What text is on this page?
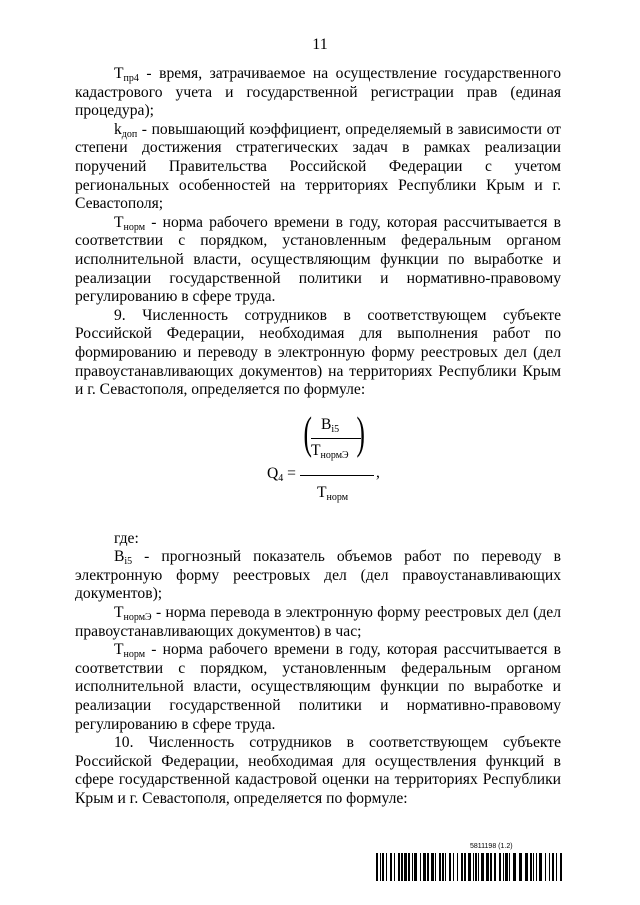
11

$T_{пр4}$ - время, затрачиваемое на осуществление государственного кадастрового учета и государственной регистрации прав (единая процедура);

$k_{доп}$ - повышающий коэффициент, определяемый в зависимости от степени достижения стратегических задач в рамках реализации поручений Правительства Российской Федерации с учетом региональных особенностей на территориях Республики Крым и г. Севастополя;

$T_{норм}$ - норма рабочего времени в году, которая рассчитывается в соответствии с порядком, установленным федеральным органом исполнительной власти, осуществляющим функции по выработке и реализации государственной политики и нормативно-правовому регулированию в сфере труда.

9. Численность сотрудников в соответствующем субъекте Российской Федерации, необходимая для выполнения работ по формированию и переводу в электронную форму реестровых дел (дел правоустанавливающих документов) на территориях Республики Крым и г. Севастополя, определяется по формуле:

$Q_4$ =
( )
$B_{i5}$
$T_{нормЭ}$
$T_{норм}$
,

где:

$B_{i5}$ - прогнозный показатель объемов работ по переводу в электронную форму реестровых дел (дел правоустанавливающих документов);

$T_{нормЭ}$ - норма перевода в электронную форму реестровых дел (дел правоустанавливающих документов) в час;

$T_{норм}$ - норма рабочего времени в году, которая рассчитывается в соответствии с порядком, установленным федеральным органом исполнительной власти, осуществляющим функции по выработке и реализации государственной политики и нормативно-правовому регулированию в сфере труда.

10. Численность сотрудников в соответствующем субъекте Российской Федерации, необходимая для осуществления функций в сфере государственной кадастровой оценки на территориях Республики Крым и г. Севастополя, определяется по формуле:

5811198 (1.2)
